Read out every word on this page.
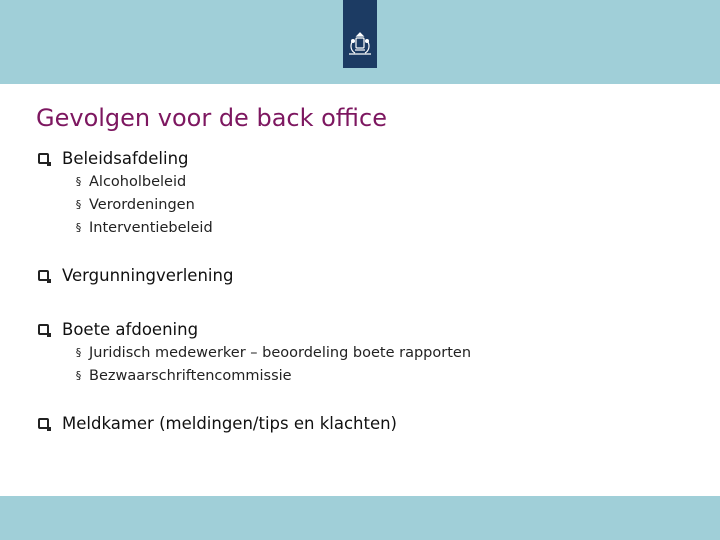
Gevolgen voor de back office
Beleidsafdeling
§ Alcoholbeleid
§ Verordeningen
§ Interventiebeleid
Vergunningverlening
Boete afdoening
§ Juridisch medewerker – beoordeling boete rapporten
§ Bezwaarschriftencommissie
Meldkamer (meldingen/tips en klachten)
